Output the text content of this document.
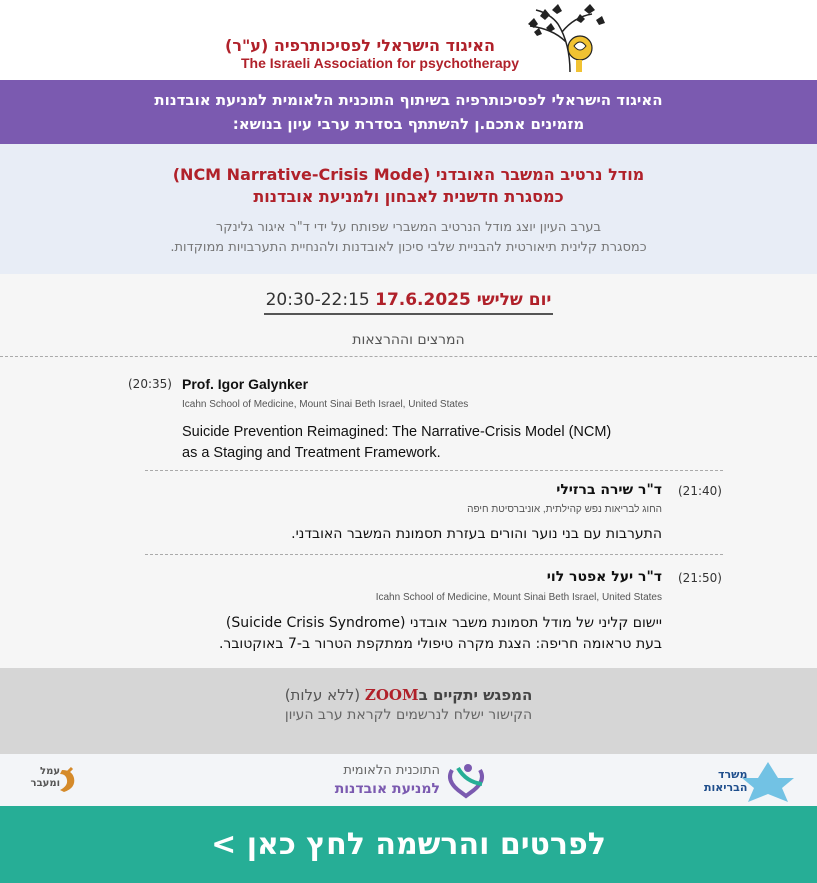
האיגוד הישראלי לפסיכותרפיה (ע"ר)
The Israeli Association for psychotherapy
האיגוד הישראלי לפסיכותרפיה בשיתוף התוכנית הלאומית למניעת אובדנות
מזמינים אתכם.ן להשתתף בסדרת ערבי עיון בנושא:
מודל נרטיב המשבר האובדני (NCM Narrative-Crisis Mode)
כמסגרת חדשנית לאבחון ולמניעת אובדנות
בערב העיון יוצג מודל הנרטיב המשברי שפותח על ידי ד"ר איגור גלינקר
כמסגרת קלינית תיאורטית להבניית שלבי סיכון לאובדנות ולהנחיית התערבויות ממוקדות.
יום שלישי 17.6.2025 20:30-22:15
המרצים וההרצאות
(20:35) Prof. Igor Galynker
Icahn School of Medicine, Mount Sinai Beth Israel, United States
Suicide Prevention Reimagined: The Narrative-Crisis Model (NCM)
as a Staging and Treatment Framework.
(21:40)
ד"ר שירה ברזילי
החוג לבריאות נפש קהילתית, אוניברסיטת חיפה
התערבות עם בני נוער והורים בעזרת תסמונת המשבר האובדני.
(21:50)
ד"ר יעל אפטר לוי
Icahn School of Medicine, Mount Sinai Beth Israel, United States
יישום קליני של מודל תסמונת משבר אובדני (Suicide Crisis Syndrome)
בעת טראומה חריפה: הצגת מקרה טיפולי ממתקפת הטרור ב-7 באוקטובר.
המפגש יתקיים בZOOM (ללא עלות)
הקישור ישלח לנרשמים לקראת ערב העיון
עמל
ומעבר
התוכנית הלאומית
למניעת אובדנות
משרד
הבריאות
לפרטים והרשמה לחץ כאן >
